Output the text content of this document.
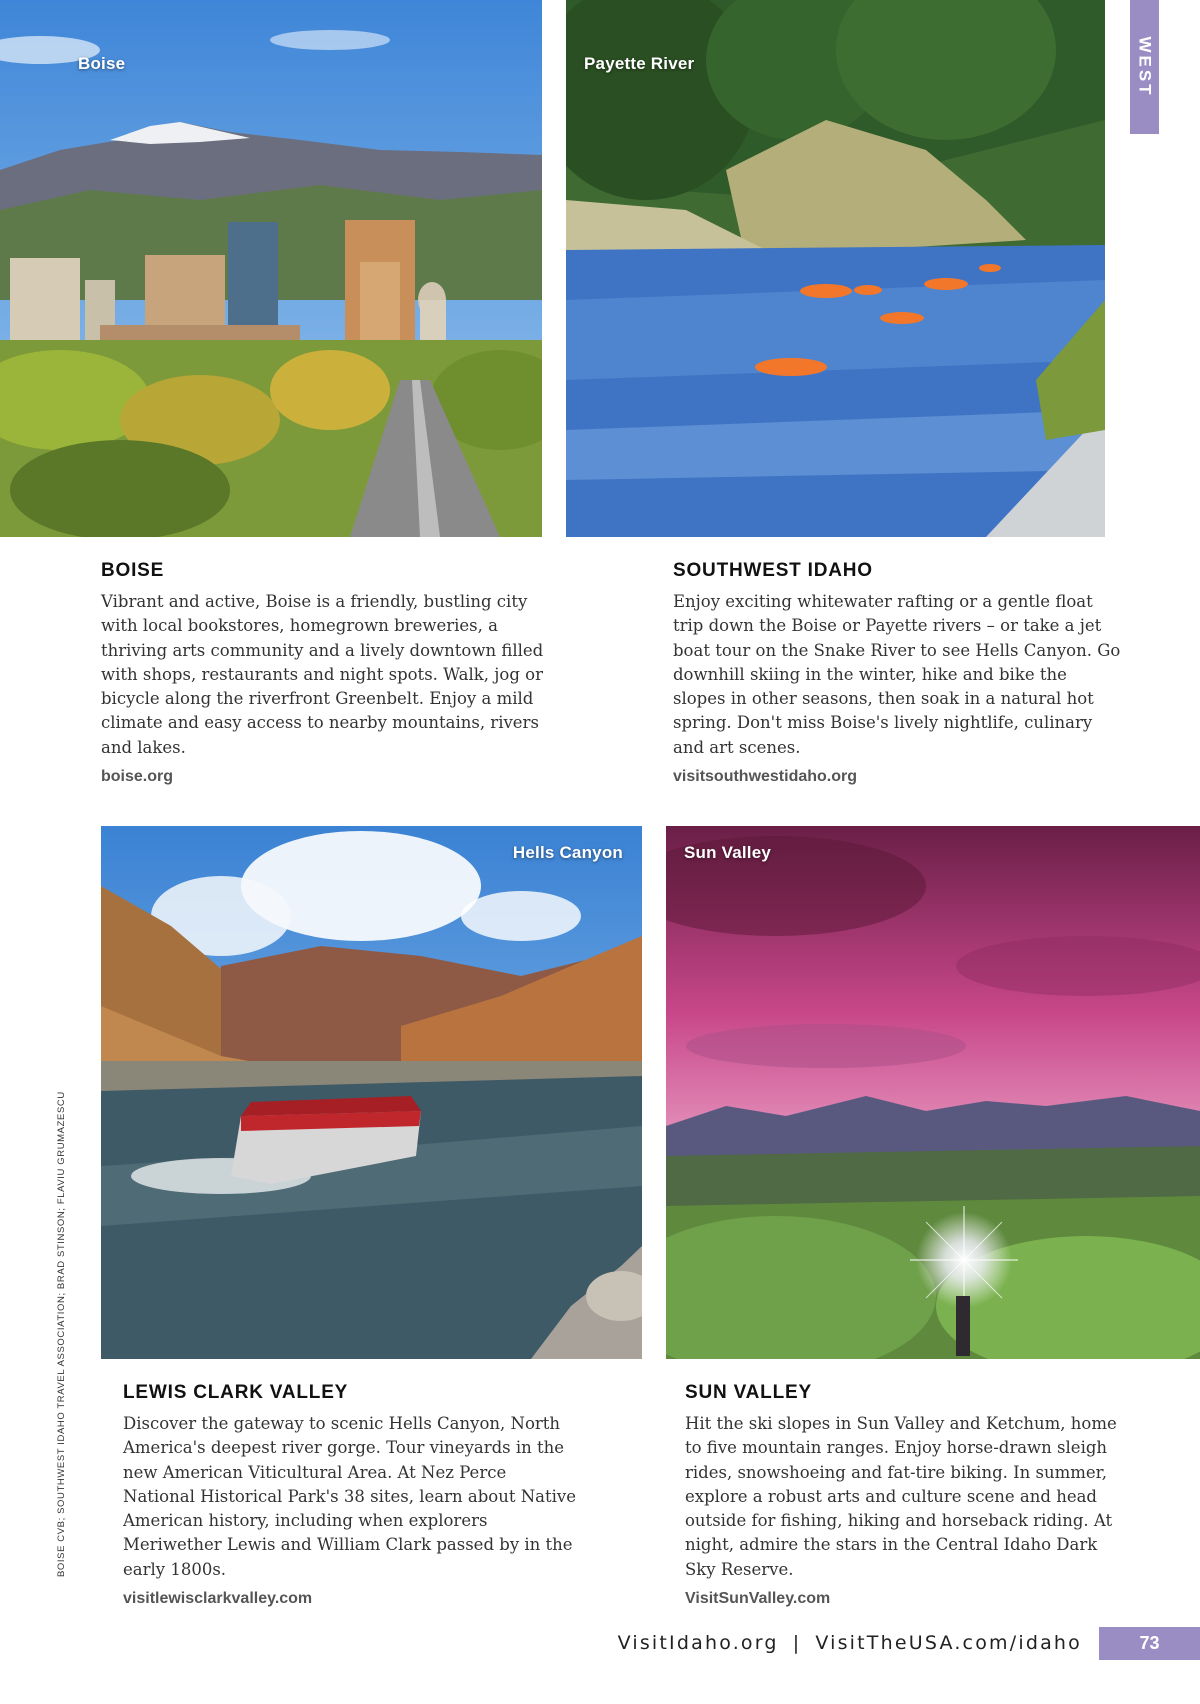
Boise	Payette River	WEST
BOISE

Vibrant and active, Boise is a friendly, bustling city with local bookstores, homegrown breweries, a thriving arts community and a lively downtown filled with shops, restaurants and night spots. Walk, jog or bicycle along the riverfront Greenbelt. Enjoy a mild climate and easy access to nearby mountains, rivers and lakes.

boise.org
SOUTHWEST IDAHO

Enjoy exciting whitewater rafting or a gentle float trip down the Boise or Payette rivers – or take a jet boat tour on the Snake River to see Hells Canyon. Go downhill skiing in the winter, hike and bike the slopes in other seasons, then soak in a natural hot spring. Don't miss Boise's lively nightlife, culinary and art scenes.

visitsouthwestidaho.org
Hells Canyon	Sun Valley
BOISE CVB; SOUTHWEST IDAHO TRAVEL ASSOCIATION; BRAD STINSON; FLAVIU GRUMAZESCU	LEWIS CLARK VALLEY

Discover the gateway to scenic Hells Canyon, North America's deepest river gorge. Tour vineyards in the new American Viticultural Area. At Nez Perce National Historical Park's 38 sites, learn about Native American history, including when explorers Meriwether Lewis and William Clark passed by in the early 1800s.

visitlewisclarkvalley.com
SUN VALLEY

Hit the ski slopes in Sun Valley and Ketchum, home to five mountain ranges. Enjoy horse-drawn sleigh rides, snowshoeing and fat-tire biking. In summer, explore a robust arts and culture scene and head outside for fishing, hiking and horseback riding. At night, admire the stars in the Central Idaho Dark Sky Reserve.

VisitSunValley.com
VisitIdaho.org | VisitTheUSA.com/idaho	73
